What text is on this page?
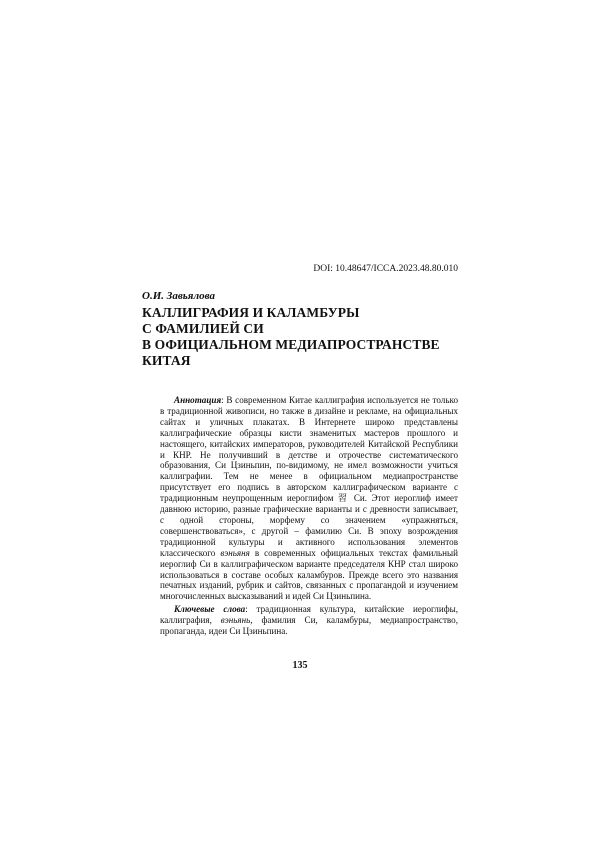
DOI: 10.48647/ICCA.2023.48.80.010
О.И. Завьялова
КАЛЛИГРАФИЯ И КАЛАМБУРЫ
С ФАМИЛИЕЙ СИ
В ОФИЦИАЛЬНОМ МЕДИАПРОСТРАНСТВЕ
КИТАЯ

Аннотация: В современном Китае каллиграфия используется не только в традиционной живописи, но также в дизайне и рекламе, на официальных сайтах и уличных плакатах. В Интернете широко представлены каллиграфические образцы кисти знаменитых мастеров прошлого и настоящего, китайских императоров, руководителей Китайской Республики и КНР. Не получивший в детстве и отрочестве систематического образования, Си Цзиньпин, по-видимому, не имел возможности учиться каллиграфии. Тем не менее в официальном медиапространстве присутствует его подпись в авторском каллиграфическом варианте с традиционным неупрощенным иероглифом 習 Си. Этот иероглиф имеет давнюю историю, разные графические варианты и с древности записывает, с одной стороны, морфему со значением «упражняться, совершенствоваться», с другой – фамилию Си. В эпоху возрождения традиционной культуры и активного использования элементов классического вэньяня в современных официальных текстах фамильный иероглиф Си в каллиграфическом варианте председателя КНР стал широко использоваться в составе особых каламбуров. Прежде всего это названия печатных изданий, рубрик и сайтов, связанных с пропагандой и изучением многочисленных высказываний и идей Си Цзиньпина.

Ключевые слова: традиционная культура, китайские иероглифы, каллиграфия, вэньянь, фамилия Си, каламбуры, медиапространство, пропаганда, идеи Си Цзиньпина.

135
